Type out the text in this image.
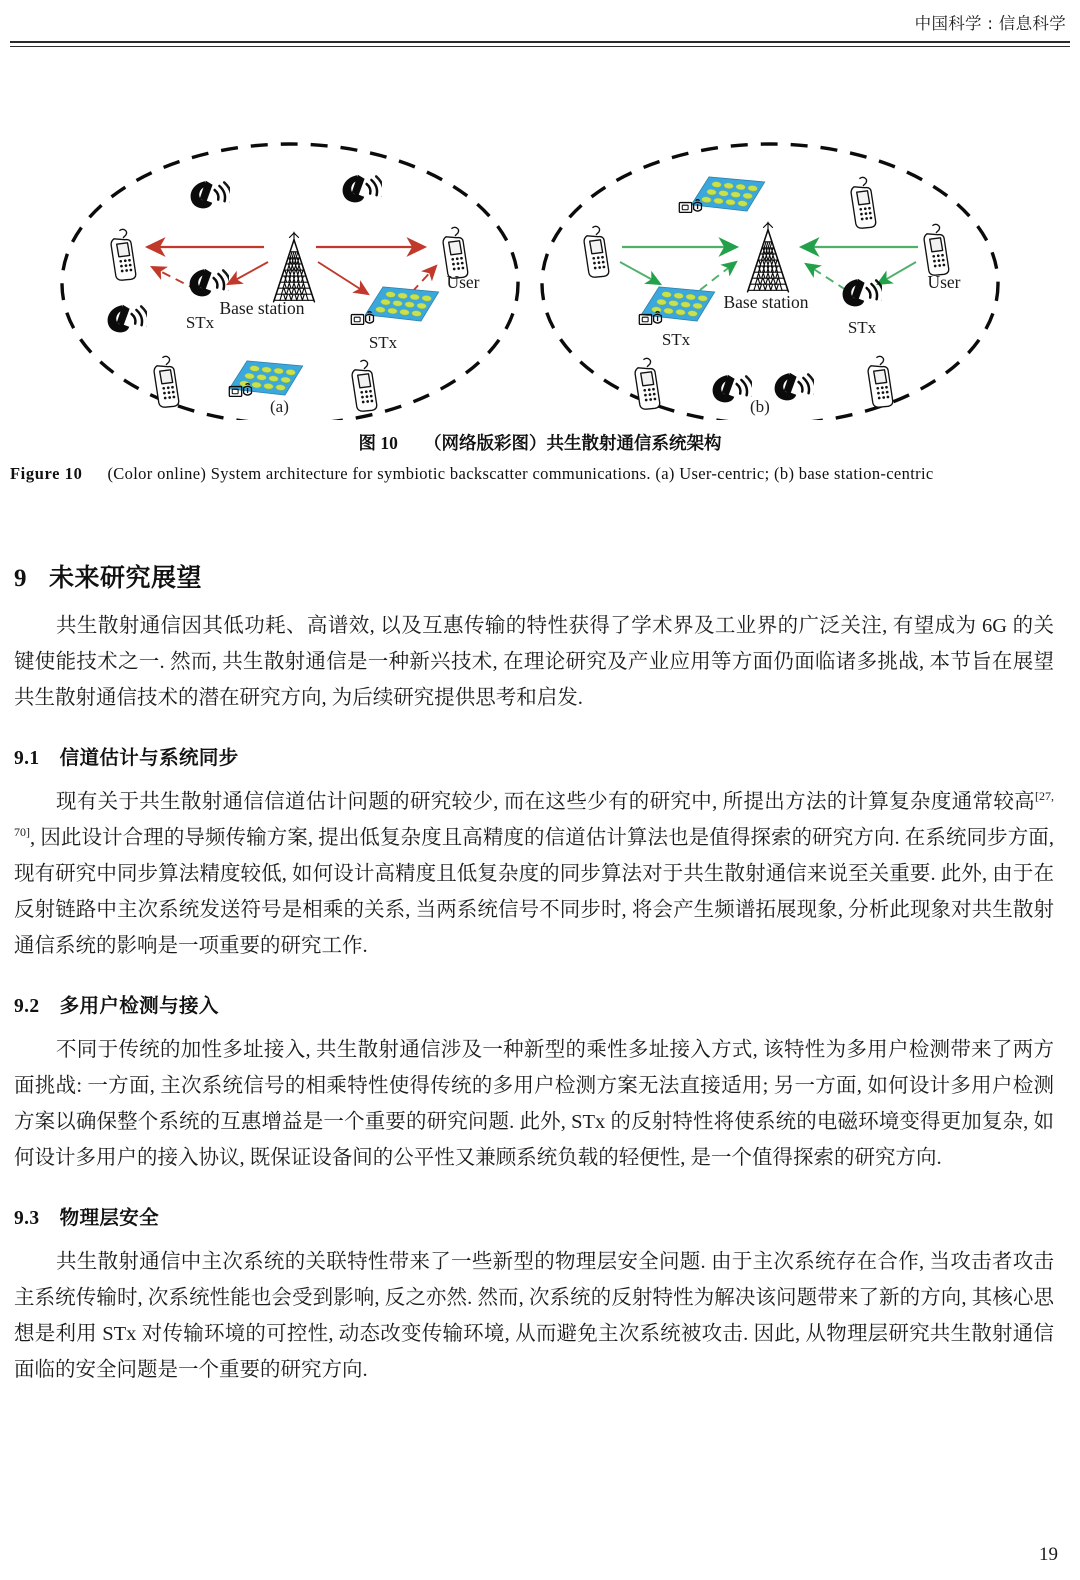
中国科学 : 信息科学
Base station
STx
User
STx
Base station
STx
STx
User
(a)	(b)
图 10 （网络版彩图）共生散射通信系统架构
Figure 10 (Color online) System architecture for symbiotic backscatter communications. (a) User-centric; (b) base station-centric
9 未来研究展望

共生散射通信因其低功耗、高谱效, 以及互惠传输的特性获得了学术界及工业界的广泛关注, 有望成为 6G 的关键使能技术之一. 然而, 共生散射通信是一种新兴技术, 在理论研究及产业应用等方面仍面临诸多挑战, 本节旨在展望共生散射通信技术的潜在研究方向, 为后续研究提供思考和启发.

9.1 信道估计与系统同步

现有关于共生散射通信信道估计问题的研究较少, 而在这些少有的研究中, 所提出方法的计算复杂度通常较高[27, 70], 因此设计合理的导频传输方案, 提出低复杂度且高精度的信道估计算法也是值得探索的研究方向. 在系统同步方面, 现有研究中同步算法精度较低, 如何设计高精度且低复杂度的同步算法对于共生散射通信来说至关重要. 此外, 由于在反射链路中主次系统发送符号是相乘的关系, 当两系统信号不同步时, 将会产生频谱拓展现象, 分析此现象对共生散射通信系统的影响是一项重要的研究工作.

9.2 多用户检测与接入

不同于传统的加性多址接入, 共生散射通信涉及一种新型的乘性多址接入方式, 该特性为多用户检测带来了两方面挑战: 一方面, 主次系统信号的相乘特性使得传统的多用户检测方案无法直接适用; 另一方面, 如何设计多用户检测方案以确保整个系统的互惠增益是一个重要的研究问题. 此外, STx 的反射特性将使系统的电磁环境变得更加复杂, 如何设计多用户的接入协议, 既保证设备间的公平性又兼顾系统负载的轻便性, 是一个值得探索的研究方向.

9.3 物理层安全

共生散射通信中主次系统的关联特性带来了一些新型的物理层安全问题. 由于主次系统存在合作, 当攻击者攻击主系统传输时, 次系统性能也会受到影响, 反之亦然. 然而, 次系统的反射特性为解决该问题带来了新的方向, 其核心思想是利用 STx 对传输环境的可控性, 动态改变传输环境, 从而避免主次系统被攻击. 因此, 从物理层研究共生散射通信面临的安全问题是一个重要的研究方向.

19
